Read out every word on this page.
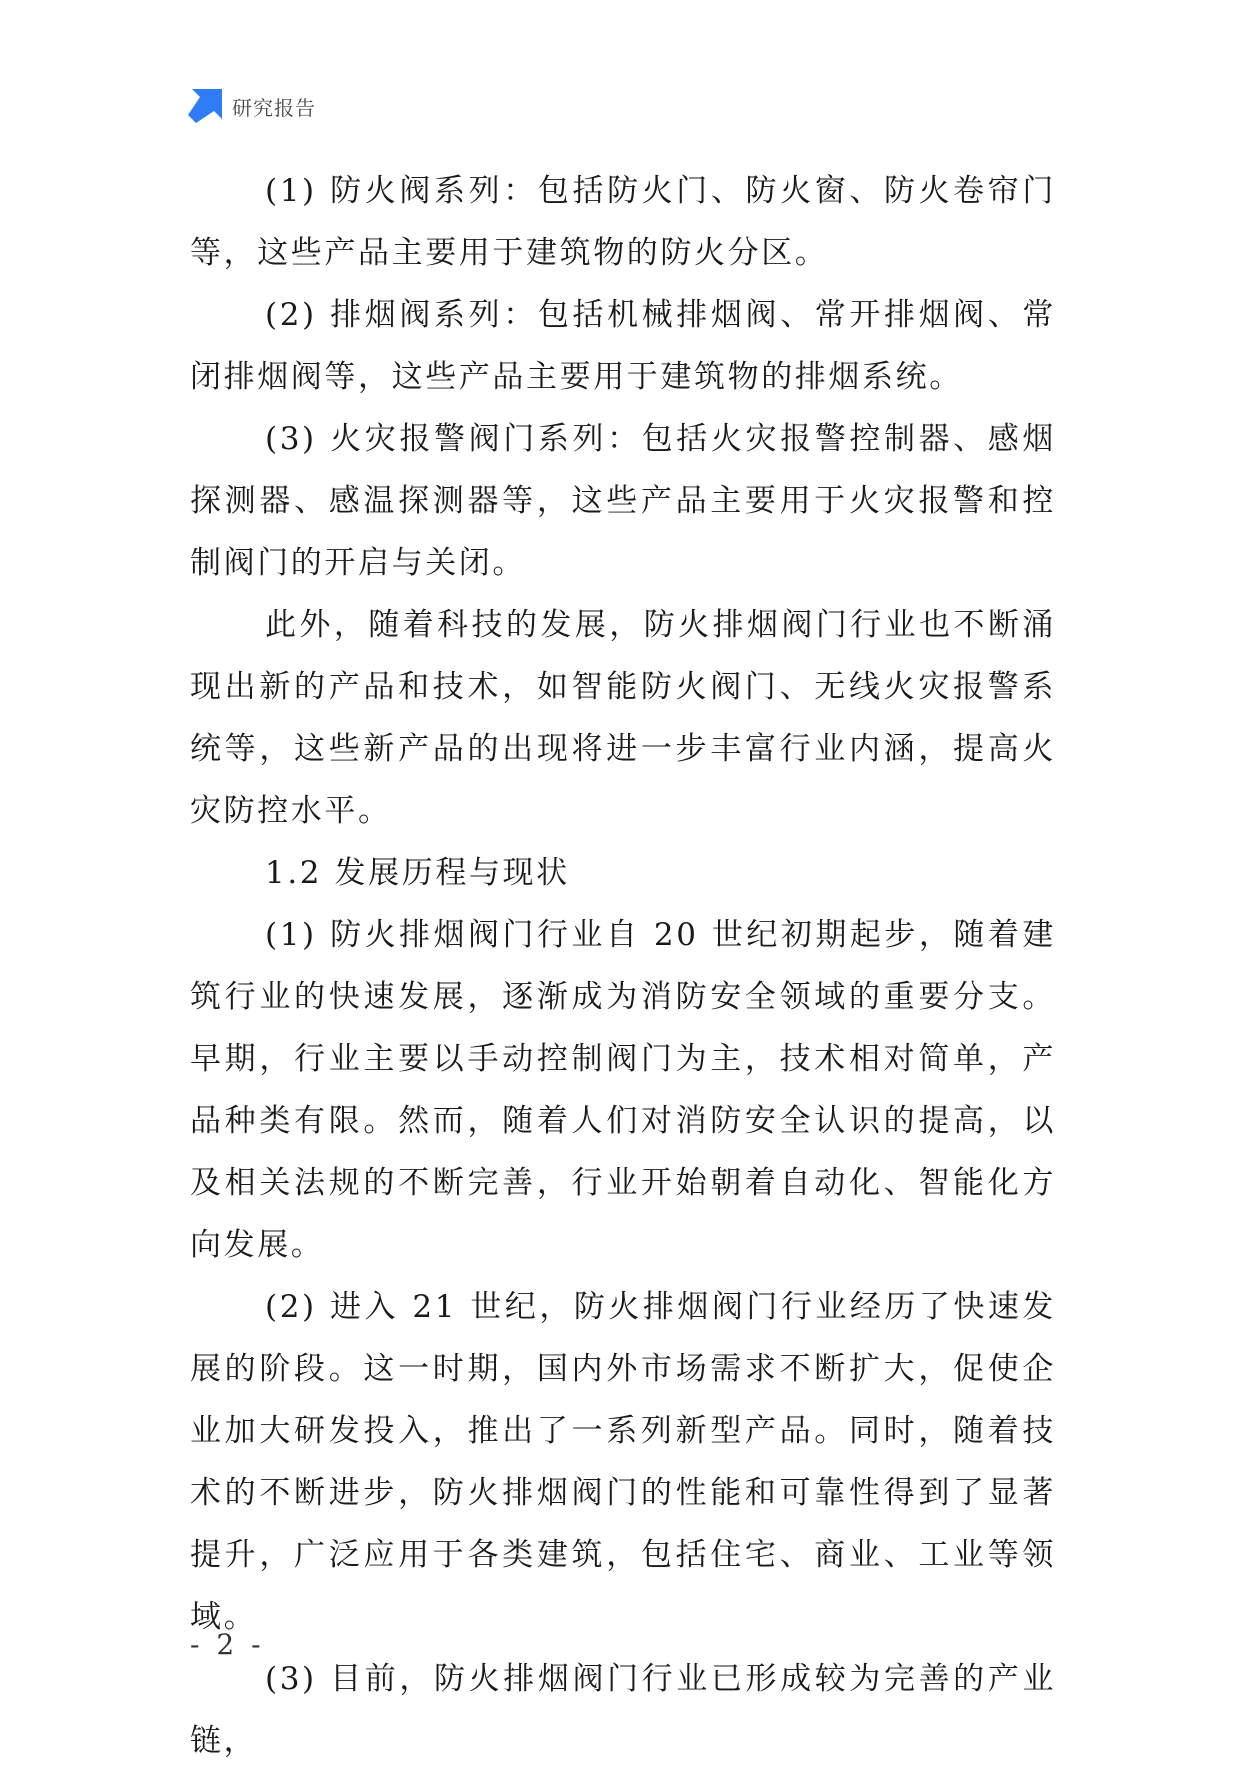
研究报告

(1) 防火阀系列：包括防火门、防火窗、防火卷帘门等，这些产品主要用于建筑物的防火分区。

(2) 排烟阀系列：包括机械排烟阀、常开排烟阀、常闭排烟阀等，这些产品主要用于建筑物的排烟系统。

(3) 火灾报警阀门系列：包括火灾报警控制器、感烟探测器、感温探测器等，这些产品主要用于火灾报警和控制阀门的开启与关闭。

此外，随着科技的发展，防火排烟阀门行业也不断涌现出新的产品和技术，如智能防火阀门、无线火灾报警系统等，这些新产品的出现将进一步丰富行业内涵，提高火灾防控水平。

1.2 发展历程与现状

(1) 防火排烟阀门行业自 20 世纪初期起步，随着建筑行业的快速发展，逐渐成为消防安全领域的重要分支。早期，行业主要以手动控制阀门为主，技术相对简单，产品种类有限。然而，随着人们对消防安全认识的提高，以及相关法规的不断完善，行业开始朝着自动化、智能化方向发展。

(2) 进入 21 世纪，防火排烟阀门行业经历了快速发展的阶段。这一时期，国内外市场需求不断扩大，促使企业加大研发投入，推出了一系列新型产品。同时，随着技术的不断进步，防火排烟阀门的性能和可靠性得到了显著提升，广泛应用于各类建筑，包括住宅、商业、工业等领域。

(3) 目前，防火排烟阀门行业已形成较为完善的产业链，

- 2 -
